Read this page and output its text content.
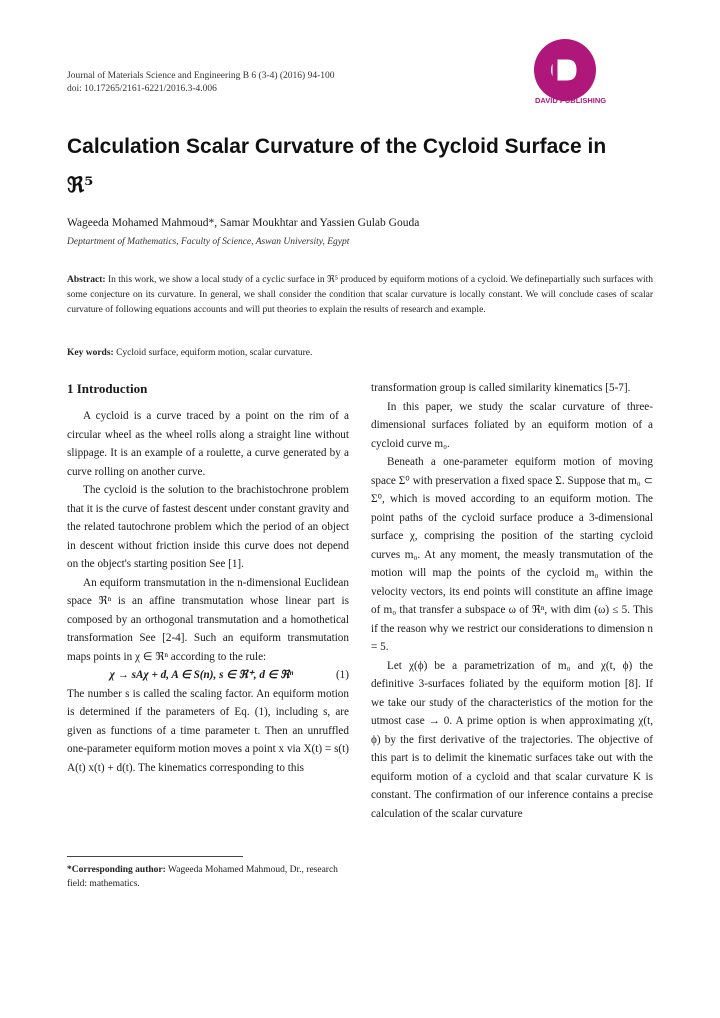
Journal of Materials Science and Engineering B 6 (3-4) (2016) 94-100
doi: 10.17265/2161-6221/2016.3-4.006
DAVID PUBLISHING
Calculation Scalar Curvature of the Cycloid Surface in
ℜ⁵
Wageeda Mohamed Mahmoud*, Samar Moukhtar and Yassien Gulab Gouda
Deptartment of Mathematics, Faculty of Science, Aswan University, Egypt
Abstract: In this work, we show a local study of a cyclic surface in ℜ⁵ produced by equiform motions of a cycloid. We definepartially such surfaces with some conjecture on its curvature. In general, we shall consider the condition that scalar curvature is locally constant. We will conclude cases of scalar curvature of following equations accounts and will put theories to explain the results of research and example.
Key words: Cycloid surface, equiform motion, scalar curvature.
1 Introduction

A cycloid is a curve traced by a point on the rim of a circular wheel as the wheel rolls along a straight line without slippage. It is an example of a roulette, a curve generated by a curve rolling on another curve.

The cycloid is the solution to the brachistochrone problem that it is the curve of fastest descent under constant gravity and the related tautochrone problem which the period of an object in descent without friction inside this curve does not depend on the object's starting position See [1].

An equiform transmutation in the n-dimensional Euclidean space ℜⁿ is an affine transmutation whose linear part is composed by an orthogonal transmutation and a homothetical transformation See [2-4]. Such an equiform transmutation maps points in χ ∈ ℜⁿ according to the rule:

χ → sAχ + d, A ∈ S(n), s ∈ ℜ⁺, d ∈ ℜⁿ	(1)

The number s is called the scaling factor. An equiform motion is determined if the parameters of Eq. (1), including s, are given as functions of a time parameter t. Then an unruffled one-parameter equiform motion moves a point x via X(t) = s(t) A(t) x(t) + d(t). The kinematics corresponding to this

transformation group is called similarity kinematics [5-7].

In this paper, we study the scalar curvature of three-dimensional surfaces foliated by an equiform motion of a cycloid curve m₀.

Beneath a one-parameter equiform motion of moving space Σ⁰ with preservation a fixed space Σ. Suppose that m₀ ⊂ Σ⁰, which is moved according to an equiform motion. The point paths of the cycloid surface produce a 3-dimensional surface χ, comprising the position of the starting cycloid curves m₀. At any moment, the measly transmutation of the motion will map the points of the cycloid m₀ within the velocity vectors, its end points will constitute an affine image of m₀ that transfer a subspace ω of ℜⁿ, with dim (ω) ≤ 5. This if the reason why we restrict our considerations to dimension n = 5.

Let χ(ϕ) be a parametrization of m₀ and χ(t, ϕ) the definitive 3-surfaces foliated by the equiform motion [8]. If we take our study of the characteristics of the motion for the utmost case → 0. A prime option is when approximating χ(t, ϕ) by the first derivative of the trajectories. The objective of this part is to delimit the kinematic surfaces take out with the equiform motion of a cycloid and that scalar curvature K is constant. The confirmation of our inference contains a precise calculation of the scalar curvature

*Corresponding author: Wageeda Mohamed Mahmoud, Dr., research field: mathematics.
